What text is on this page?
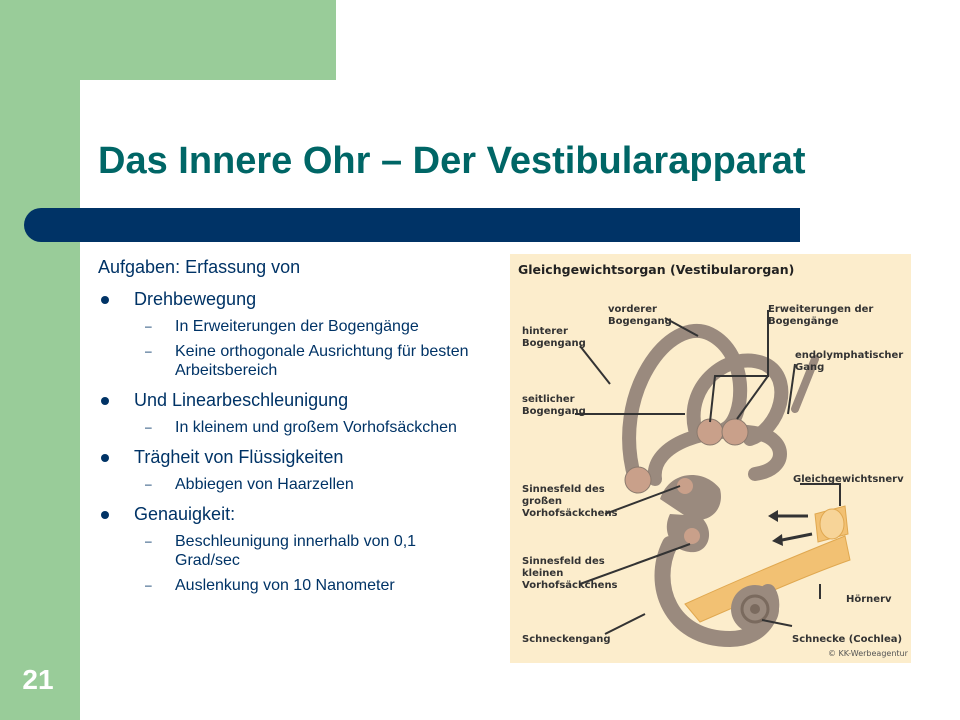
Das Innere Ohr – Der Vestibularapparat
21
Aufgaben: Erfassung von
Drehbewegung
– In Erweiterungen der Bogengänge
– Keine orthogonale Ausrichtung für besten Arbeitsbereich
Und Linearbeschleunigung
– In kleinem und großem Vorhofsäckchen
Trägheit von Flüssigkeiten
– Abbiegen von Haarzellen
Genauigkeit:
– Beschleunigung innerhalb von 0,1 Grad/sec
– Auslenkung von 10 Nanometer
Gleichgewichtsorgan (Vestibularorgan)
vorderer
Bogengang
Erweiterungen der
Bogengänge
hinterer
Bogengang
endolymphatischer
Gang
seitlicher
Bogengang
Gleichgewichtsnerv
Sinnesfeld des
großen
Vorhofsäckchens
Sinnesfeld des
kleinen
Vorhofsäckchens
Hörnerv
Schneckengang	Schnecke (Cochlea)
© KK-Werbeagentur
